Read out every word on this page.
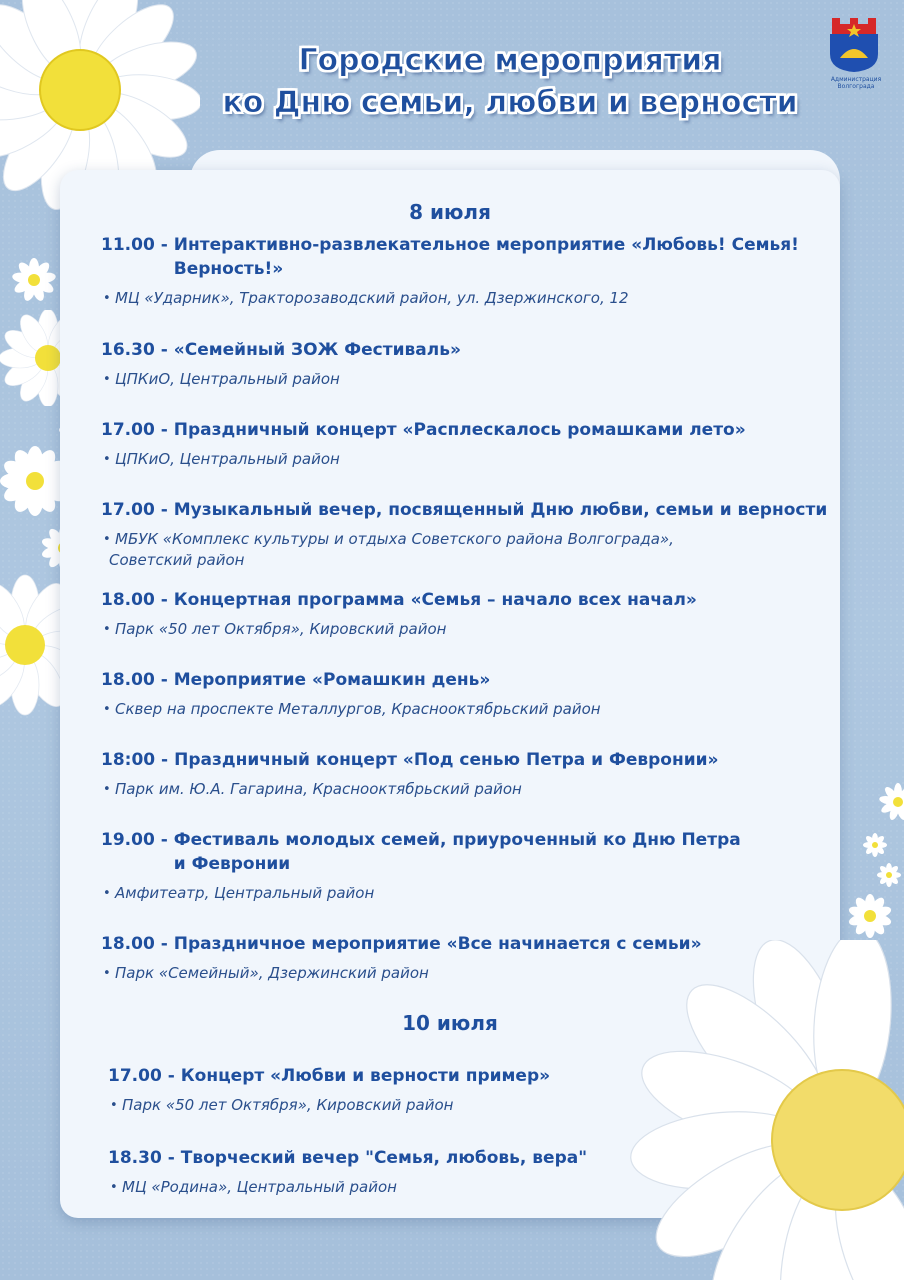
Городские мероприятия
ко Дню семьи, любви и верности
Администрация Волгограда
8 июля
11.00 - Интерактивно-развлекательное мероприятие «Любовь! Семья!
Верность!»
• МЦ «Ударник», Тракторозаводский район, ул. Дзержинского, 12
16.30 - «Семейный ЗОЖ Фестиваль»
• ЦПКиО, Центральный район
17.00 - Праздничный концерт «Расплескалось ромашками лето»
• ЦПКиО, Центральный район
17.00 - Музыкальный вечер, посвященный Дню любви, семьи и верности
• МБУК «Комплекс культуры и отдыха Советского района Волгограда»,
Советский район
18.00 - Концертная программа «Семья – начало всех начал»
• Парк «50 лет Октября», Кировский район
18.00 - Мероприятие «Ромашкин день»
• Сквер на проспекте Металлургов, Краснооктябрьский район
18:00 - Праздничный концерт «Под сенью Петра и Февронии»
• Парк им. Ю.А. Гагарина, Краснооктябрьский район
19.00 - Фестиваль молодых семей, приуроченный ко Дню Петра
и Февронии
• Амфитеатр, Центральный район
18.00 - Праздничное мероприятие «Все начинается с семьи»
• Парк «Семейный», Дзержинский район
10 июля
17.00 - Концерт «Любви и верности пример»
• Парк «50 лет Октября», Кировский район
18.30 - Творческий вечер "Семья, любовь, вера"
• МЦ «Родина», Центральный район
